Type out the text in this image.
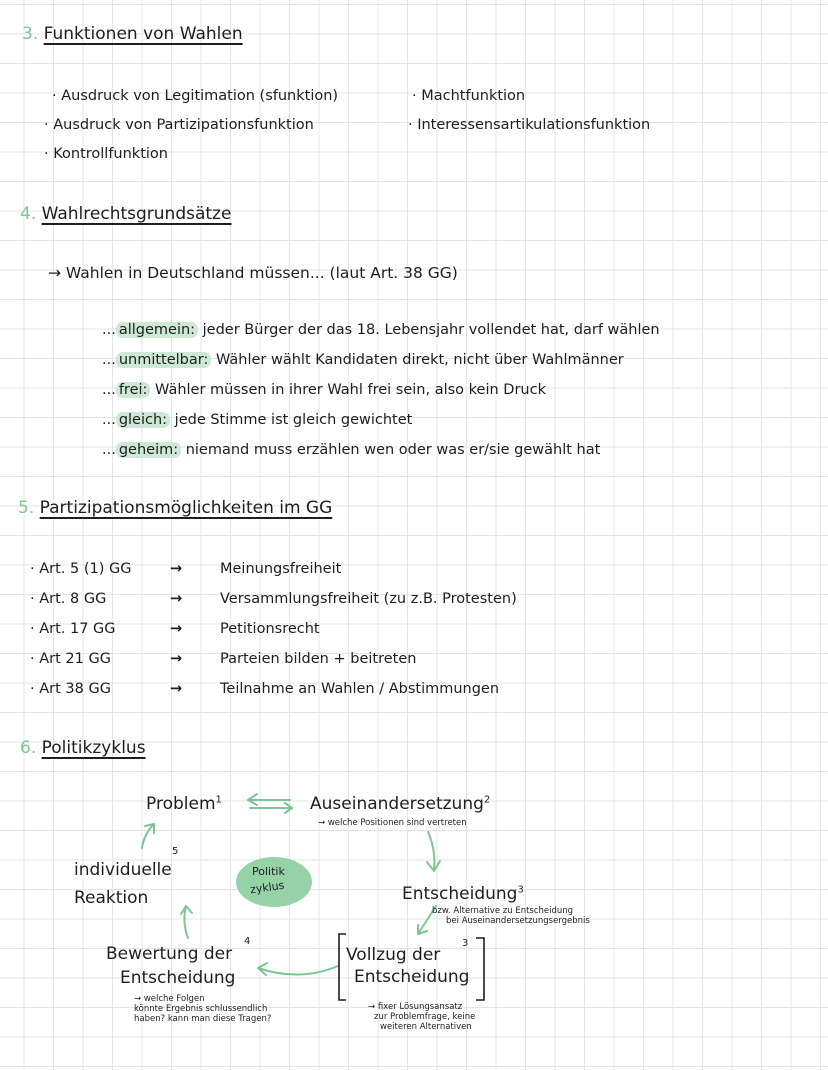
3. Funktionen von Wahlen
· Ausdruck von Legitimation (sfunktion)
· Ausdruck von Partizipationsfunktion
· Kontrollfunktion
· Machtfunktion
· Interessensartikulationsfunktion
4. Wahlrechtsgrundsätze
→ Wahlen in Deutschland müssen... (laut Art. 38 GG)
... allgemein: jeder Bürger der das 18. Lebensjahr vollendet hat, darf wählen
... unmittelbar: Wähler wählt Kandidaten direkt, nicht über Wahlmänner
... frei: Wähler müssen in ihrer Wahl frei sein, also kein Druck
... gleich: jede Stimme ist gleich gewichtet
... geheim: niemand muss erzählen wen oder was er/sie gewählt hat
5. Partizipationsmöglichkeiten im GG
· Art. 5 (1) GG	→	Meinungsfreiheit
· Art. 8 GG	→	Versammlungsfreiheit (zu z.B. Protesten)
· Art. 17 GG	→	Petitionsrecht
· Art 21 GG	→	Parteien bilden + beitreten
· Art 38 GG	→	Teilnahme an Wahlen / Abstimmungen
6. Politikzyklus
Politik
zyklus
Problem$^1$	Auseinandersetzung$^2$
→ welche Positionen sind vertreten
Entscheidung$^3$
bzw. Alternative zu Entscheidung
bei Auseinandersetzungsergebnis
Vollzug der
Entscheidung
3
→ fixer Lösungsansatz
zur Problemfrage, keine
weiteren Alternativen
Bewertung der
Entscheidung
4
→ welche Folgen
könnte Ergebnis schlussendlich
haben? kann man diese Tragen?
individuelle
Reaktion
5
